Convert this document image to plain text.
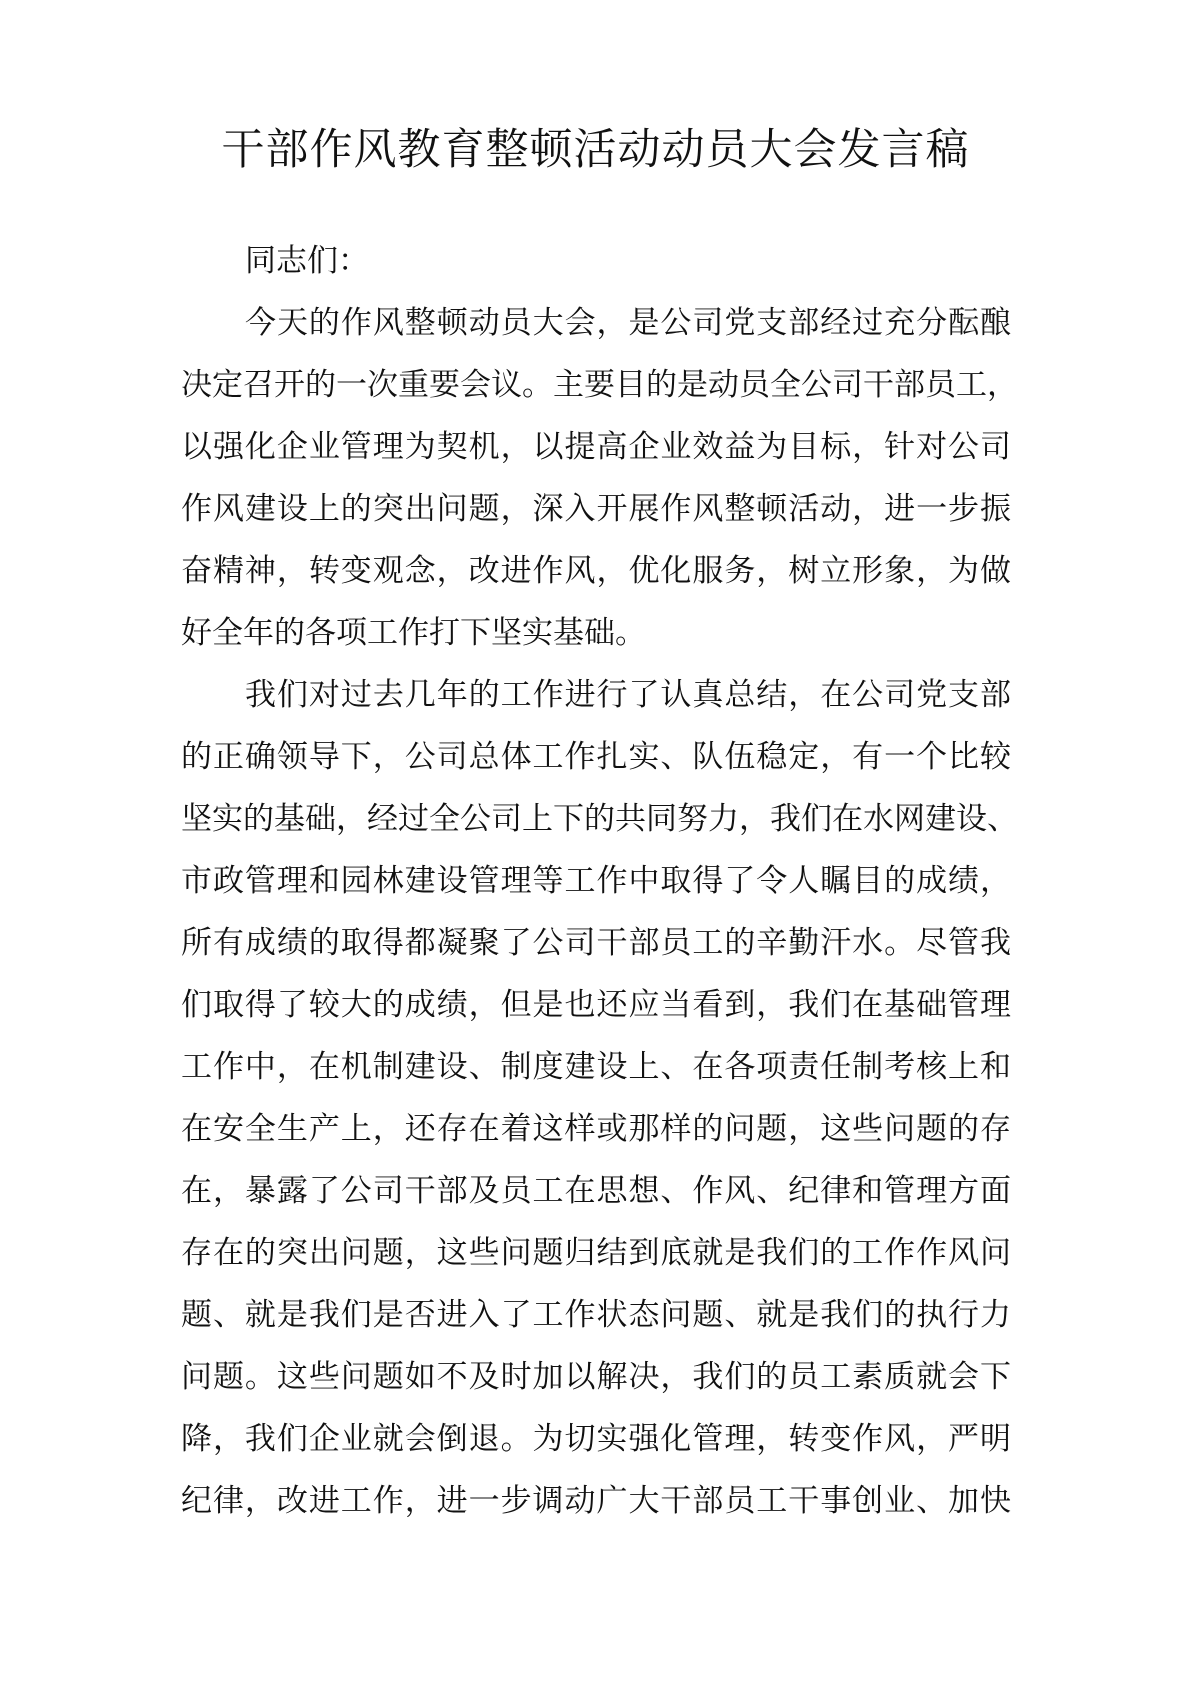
干部作风教育整顿活动动员大会发言稿

同志们：

今天的作风整顿动员大会，是公司党支部经过充分酝酿
决定召开的一次重要会议。主要目的是动员全公司干部员工，
以强化企业管理为契机，以提高企业效益为目标，针对公司
作风建设上的突出问题，深入开展作风整顿活动，进一步振
奋精神，转变观念，改进作风，优化服务，树立形象，为做
好全年的各项工作打下坚实基础。
我们对过去几年的工作进行了认真总结，在公司党支部
的正确领导下，公司总体工作扎实、队伍稳定，有一个比较
坚实的基础，经过全公司上下的共同努力，我们在水网建设、
市政管理和园林建设管理等工作中取得了令人瞩目的成绩，
所有成绩的取得都凝聚了公司干部员工的辛勤汗水。尽管我
们取得了较大的成绩，但是也还应当看到，我们在基础管理
工作中，在机制建设、制度建设上、在各项责任制考核上和
在安全生产上，还存在着这样或那样的问题，这些问题的存
在，暴露了公司干部及员工在思想、作风、纪律和管理方面
存在的突出问题，这些问题归结到底就是我们的工作作风问
题、就是我们是否进入了工作状态问题、就是我们的执行力
问题。这些问题如不及时加以解决，我们的员工素质就会下
降，我们企业就会倒退。为切实强化管理，转变作风，严明
纪律，改进工作，进一步调动广大干部员工干事创业、加快
